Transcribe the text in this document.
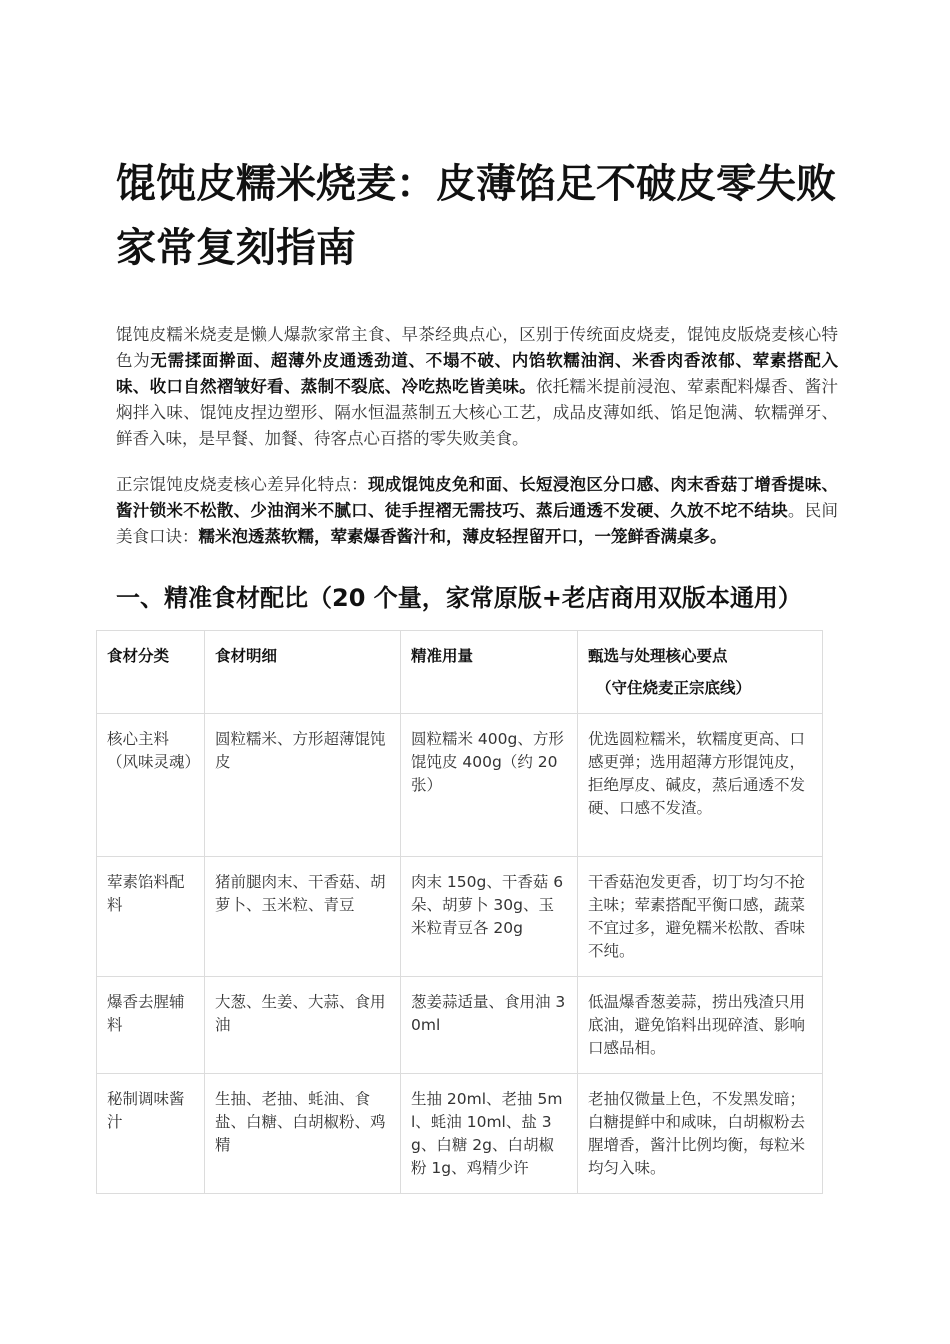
馄饨皮糯米烧麦：皮薄馅足不破皮零失败家常复刻指南

馄饨皮糯米烧麦是懒人爆款家常主食、早茶经典点心，区别于传统面皮烧麦，馄饨皮版烧麦核心特色为无需揉面擀面、超薄外皮通透劲道、不塌不破、内馅软糯油润、米香肉香浓郁、荤素搭配入味、收口自然褶皱好看、蒸制不裂底、冷吃热吃皆美味。依托糯米提前浸泡、荤素配料爆香、酱汁焖拌入味、馄饨皮捏边塑形、隔水恒温蒸制五大核心工艺，成品皮薄如纸、馅足饱满、软糯弹牙、鲜香入味，是早餐、加餐、待客点心百搭的零失败美食。

正宗馄饨皮烧麦核心差异化特点：现成馄饨皮免和面、长短浸泡区分口感、肉末香菇丁增香提味、酱汁锁米不松散、少油润米不腻口、徒手捏褶无需技巧、蒸后通透不发硬、久放不坨不结块。民间美食口诀：糯米泡透蒸软糯，荤素爆香酱汁和，薄皮轻捏留开口，一笼鲜香满桌多。

一、精准食材配比（20 个量，家常原版+老店商用双版本通用）
食材分类	食材明细	精准用量	甄选与处理核心要点
（守住烧麦正宗底线）

核心主料（风味灵魂）	圆粒糯米、方形超薄馄饨皮	圆粒糯米 400g、方形馄饨皮 400g（约 20 张）	优选圆粒糯米，软糯度更高、口感更弹；选用超薄方形馄饨皮，拒绝厚皮、碱皮，蒸后通透不发硬、口感不发渣。
荤素馅料配料	猪前腿肉末、干香菇、胡萝卜、玉米粒、青豆	肉末 150g、干香菇 6 朵、胡萝卜 30g、玉米粒青豆各 20g	干香菇泡发更香，切丁均匀不抢主味；荤素搭配平衡口感，蔬菜不宜过多，避免糯米松散、香味不纯。
爆香去腥辅料	大葱、生姜、大蒜、食用油	葱姜蒜适量、食用油 30ml	低温爆香葱姜蒜，捞出残渣只用底油，避免馅料出现碎渣、影响口感品相。
秘制调味酱汁	生抽、老抽、蚝油、食盐、白糖、白胡椒粉、鸡精	生抽 20ml、老抽 5ml、蚝油 10ml、盐 3g、白糖 2g、白胡椒粉 1g、鸡精少许	老抽仅微量上色，不发黑发暗；白糖提鲜中和咸味，白胡椒粉去腥增香，酱汁比例均衡，每粒米均匀入味。
